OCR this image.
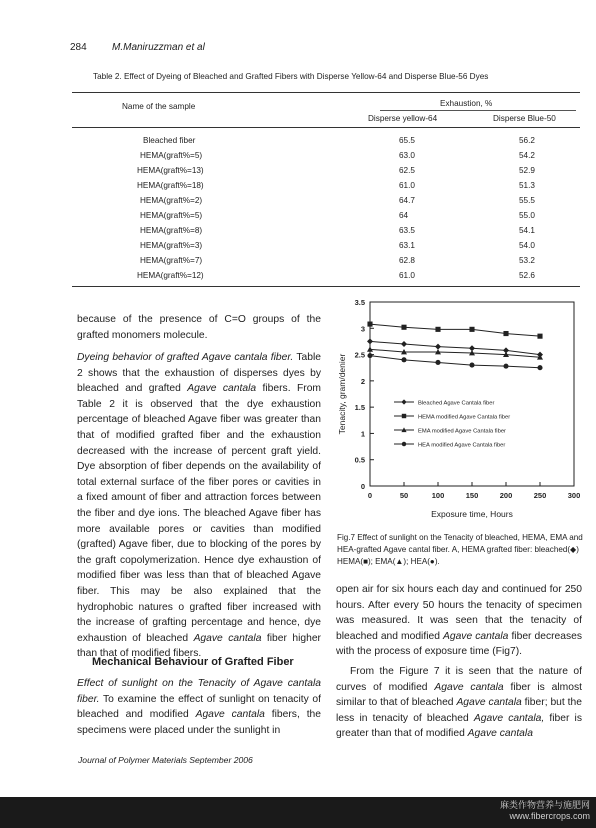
284	M.Maniruzzman et al
Table 2. Effect of Dyeing of Bleached and Grafted Fibers with Disperse Yellow-64 and Disperse Blue-56 Dyes
Name of the sample	Exhaustion, %
Disperse yellow-64	Disperse Blue-50
Bleached fiber	65.5	56.2
HEMA(graft%=5)	63.0	54.2
HEMA(graft%=13)	62.5	52.9
HEMA(graft%=18)	61.0	51.3
HEMA(graft%=2)	64.7	55.5
HEMA(graft%=5)	64	55.0
HEMA(graft%=8)	63.5	54.1
HEMA(graft%=3)	63.1	54.0
HEMA(graft%=7)	62.8	53.2
HEMA(graft%=12)	61.0	52.6
because of the presence of C=O groups of the grafted monomers molecule.
Dyeing behavior of grafted Agave cantala fiber. Table 2 shows that the exhaustion of disperses dyes by bleached and grafted Agave cantala fibers. From Table 2 it is observed that the dye exhaustion percentage of bleached Agave fiber was greater than that of modified grafted fiber and the exhaustion decreased with the increase of percent graft yield. Dye absorption of fiber depends on the availability of total external surface of the fiber pores or cavities in a fixed amount of fiber and attraction forces between the fiber and dye ions. The bleached Agave fiber has more available pores or cavities than modified (grafted) Agave fiber, due to blocking of the pores by the graft copolymerization. Hence dye exhaustion of modified fiber was less than that of bleached Agave fiber. This may be also explained that the hydrophobic natures o grafted fiber increased with the increase of grafting percentage and hence, dye exhaustion of bleached Agave cantala fiber higher than that of modified fibers.
Mechanical Behaviour of Grafted Fiber
Effect of sunlight on the Tenacity of Agave cantala fiber. To examine the effect of sunlight on tenacity of bleached and modified Agave cantala fibers, the specimens were placed under the sunlight in
0
0.5
1
1.5
2
2.5
3
3.5
0	50	100	150	200	250	300
Exposure time, Hours
Tenacity, gram/denier	Bleached Agave Cantala fiber
HEMA modified Agave Cantala fiber
EMA modified Agave Cantala fiber
HEA modified Agave Cantala fiber
Fig.7 Effect of sunlight on the Tenacity of bleached, HEMA, EMA and HEA-grafted Agave cantal fiber. A, HEMA grafted fiber: bleached(◆) HEMA(■); EMA(▲); HEA(●).
open air for six hours each day and continued for 250 hours. After every 50 hours the tenacity of specimen was measured. It was seen that the tenacity of bleached and modified Agave cantala fiber decreases with the process of exposure time (Fig7).
From the Figure 7 it is seen that the nature of curves of modified Agave cantala fiber is almost similar to that of bleached Agave cantala fiber; but the less in tenacity of bleached Agave cantala, fiber is greater than that of modified Agave cantala
Journal of Polymer Materials September 2006
麻类作物营养与施肥网
www.fibercrops.com
